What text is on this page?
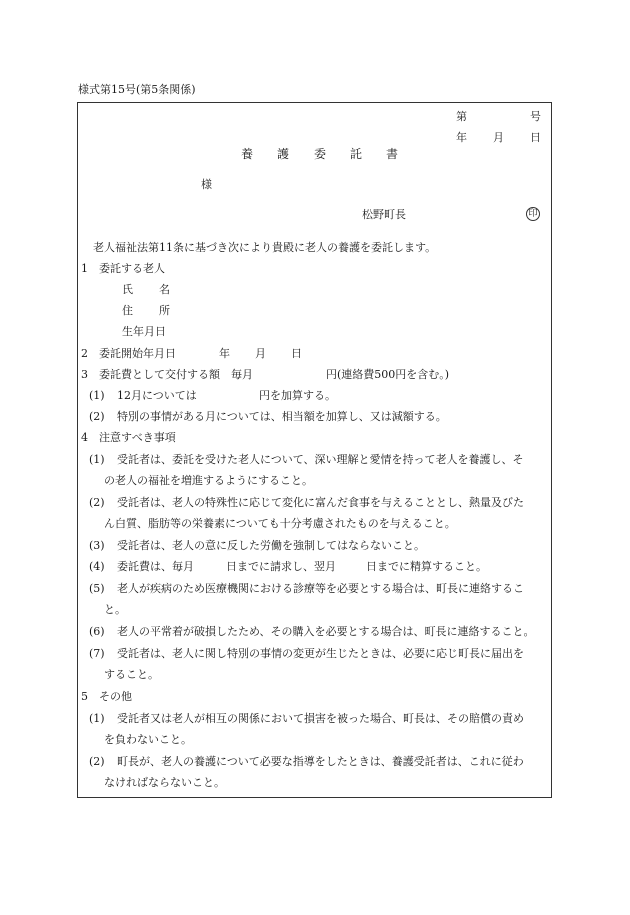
様式第15号(第5条関係)
第	号
年 月 日
養 護 委 託 書
様
松野町長	印
老人福祉法第11条に基づき次により貴殿に老人の養護を委託します。
1　委託する老人
氏 名
住 所
生年月日
2　委託開始年月日	年 月 日
3　委託費として交付する額　毎月	円(連絡費500円を含む。)
(1) 12月については	円を加算する。
(2) 特別の事情がある月については、相当額を加算し、又は減額する。
4　注意すべき事項
(1) 受託者は、委託を受けた老人について、深い理解と愛情を持って老人を養護し、そ
の老人の福祉を増進するようにすること。
(2) 受託者は、老人の特殊性に応じて変化に富んだ食事を与えることとし、熱量及びた
ん白質、脂肪等の栄養素についても十分考慮されたものを与えること。
(3) 受託者は、老人の意に反した労働を強制してはならないこと。
(4) 委託費は、毎月	日までに請求し、翌月	日までに精算すること。
(5) 老人が疾病のため医療機関における診療等を必要とする場合は、町長に連絡するこ
と。
(6) 老人の平常着が破損したため、その購入を必要とする場合は、町長に連絡すること。
(7) 受託者は、老人に関し特別の事情の変更が生じたときは、必要に応じ町長に届出を
すること。
5　その他
(1) 受託者又は老人が相互の関係において損害を被った場合、町長は、その賠償の責め
を負わないこと。
(2) 町長が、老人の養護について必要な指導をしたときは、養護受託者は、これに従わ
なければならないこと。
